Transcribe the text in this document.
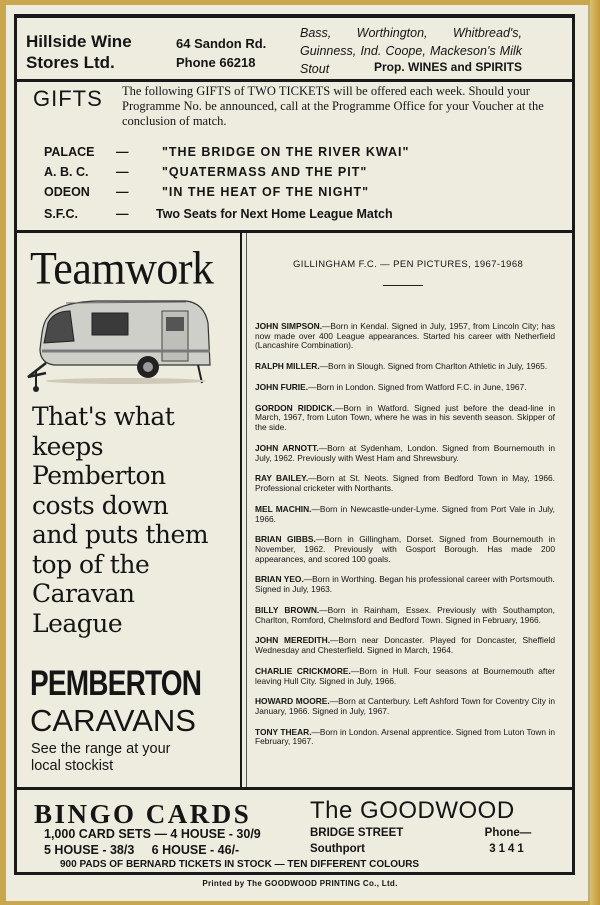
Hillside Wine
Stores Ltd.
64 Sandon Rd.
Phone 66218
Bass, Worthington, Whitbread's, Guinness, Ind. Coope, Mackeson's Milk Stout	Prop. WINES and SPIRITS
GIFTS The following GIFTS of TWO TICKETS will be offered each week. Should your Programme No. be announced, call at the Programme Office for your Voucher at the conclusion of match.
PALACE	—	"THE BRIDGE ON THE RIVER KWAI"
A. B. C.	—	"QUATERMASS AND THE PIT"
ODEON	—	"IN THE HEAT OF THE NIGHT"
S.F.C.	—	Two Seats for Next Home League Match
Teamwork
That's what
keeps
Pemberton
costs down
and puts them
top of the
Caravan
League
PEMBERTON
CARAVANS
See the range at your
local stockist
GILLINGHAM F.C. — PEN PICTURES, 1967-1968
JOHN SIMPSON.—Born in Kendal. Signed in July, 1957, from Lincoln City; has now made over 400 League appearances. Started his career with Netherfield (Lancashire Combination).
RALPH MILLER.—Born in Slough. Signed from Charlton Athletic in July, 1965.
JOHN FURIE.—Born in London. Signed from Watford F.C. in June, 1967.
GORDON RIDDICK.—Born in Watford. Signed just before the dead-line in March, 1967, from Luton Town, where he was in his seventh season. Skipper of the side.
JOHN ARNOTT.—Born at Sydenham, London. Signed from Bournemouth in July, 1962. Previously with West Ham and Shrewsbury.
RAY BAILEY.—Born at St. Neots. Signed from Bedford Town in May, 1966. Professional cricketer with Northants.
MEL MACHIN.—Born in Newcastle-under-Lyme. Signed from Port Vale in July, 1966.
BRIAN GIBBS.—Born in Gillingham, Dorset. Signed from Bournemouth in November, 1962. Previously with Gosport Borough. Has made 200 appearances, and scored 100 goals.
BRIAN YEO.—Born in Worthing. Began his professional career with Portsmouth. Signed in July, 1963.
BILLY BROWN.—Born in Rainham, Essex. Previously with Southampton, Charlton, Romford, Chelmsford and Bedford Town. Signed in February, 1966.
JOHN MEREDITH.—Born near Doncaster. Played for Doncaster, Sheffield Wednesday and Chesterfield. Signed in March, 1964.
CHARLIE CRICKMORE.—Born in Hull. Four seasons at Bournemouth after leaving Hull City. Signed in July, 1966.
HOWARD MOORE.—Born at Canterbury. Left Ashford Town for Coventry City in January, 1966. Signed in July, 1967.
TONY THEAR.—Born in London. Arsenal apprentice. Signed from Luton Town in February, 1967.
BINGO CARDS
1,000 CARD SETS — 4 HOUSE - 30/9
5 HOUSE - 38/3     6 HOUSE - 46/-
The GOODWOOD
BRIDGE STREET
Southport
Phone—
3141
900 PADS OF BERNARD TICKETS IN STOCK — TEN DIFFERENT COLOURS
Printed by The GOODWOOD PRINTING Co., Ltd.
